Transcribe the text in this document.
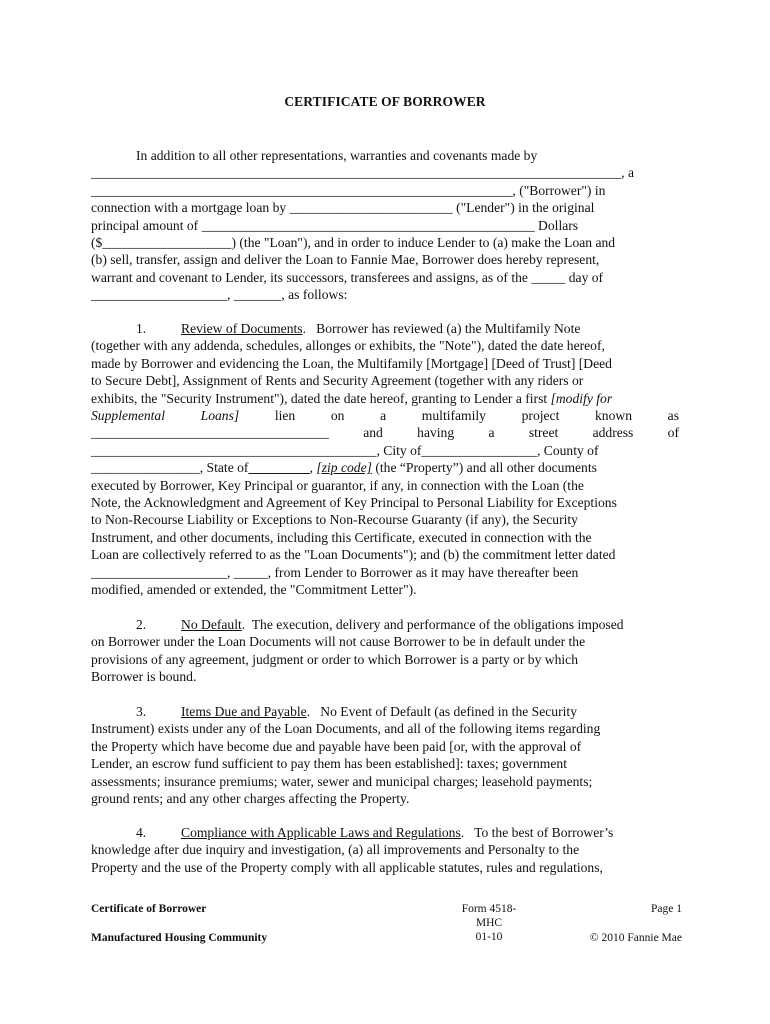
CERTIFICATE OF BORROWER

In addition to all other representations, warranties and covenants made by

______________________________________________________________________________, a

______________________________________________________________, ("Borrower") in

connection with a mortgage loan by ________________________ ("Lender") in the original

principal amount of _________________________________________________ Dollars

($___________________) (the "Loan"), and in order to induce Lender to (a) make the Loan and

(b) sell, transfer, assign and deliver the Loan to Fannie Mae, Borrower does hereby represent,

warrant and covenant to Lender, its successors, transferees and assigns, as of the _____ day of

____________________, _______, as follows:

1.	Review of Documents.   Borrower has reviewed (a) the Multifamily Note

(together with any addenda, schedules, allonges or exhibits, the "Note"), dated the date hereof,

made by Borrower and evidencing the Loan, the Multifamily [Mortgage] [Deed of Trust] [Deed

to Secure Debt], Assignment of Rents and Security Agreement (together with any riders or

exhibits, the "Security Instrument"), dated the date hereof, granting to Lender a first [modify for

Supplemental Loans]	lien on a multifamily project known as

___________________________________ and having a street address of

__________________________________________, City of_________________, County of

________________, State of_________, [zip code] (the “Property”) and all other documents

executed by Borrower, Key Principal or guarantor, if any, in connection with the Loan (the

Note, the Acknowledgment and Agreement of Key Principal to Personal Liability for Exceptions

to Non-Recourse Liability or Exceptions to Non-Recourse Guaranty (if any), the Security

Instrument, and other documents, including this Certificate, executed in connection with the

Loan are collectively referred to as the "Loan Documents"); and (b) the commitment letter dated

____________________, _____, from Lender to Borrower as it may have thereafter been

modified, amended or extended, the "Commitment Letter").

2.	No Default.  The execution, delivery and performance of the obligations imposed

on Borrower under the Loan Documents will not cause Borrower to be in default under the

provisions of any agreement, judgment or order to which Borrower is a party or by which

Borrower is bound.

3.	Items Due and Payable.   No Event of Default (as defined in the Security

Instrument) exists under any of the Loan Documents, and all of the following items regarding

the Property which have become due and payable have been paid [or, with the approval of

Lender, an escrow fund sufficient to pay them has been established]: taxes; government

assessments; insurance premiums; water, sewer and municipal charges; leasehold payments;

ground rents; and any other charges affecting the Property.

4.	Compliance with Applicable Laws and Regulations.   To the best of Borrower’s

knowledge after due inquiry and investigation, (a) all improvements and Personalty to the

Property and the use of the Property comply with all applicable statutes, rules and regulations,

Certificate of Borrower
Manufactured Housing Community
Form 4518-
MHC
01-10
Page 1
© 2010 Fannie Mae
